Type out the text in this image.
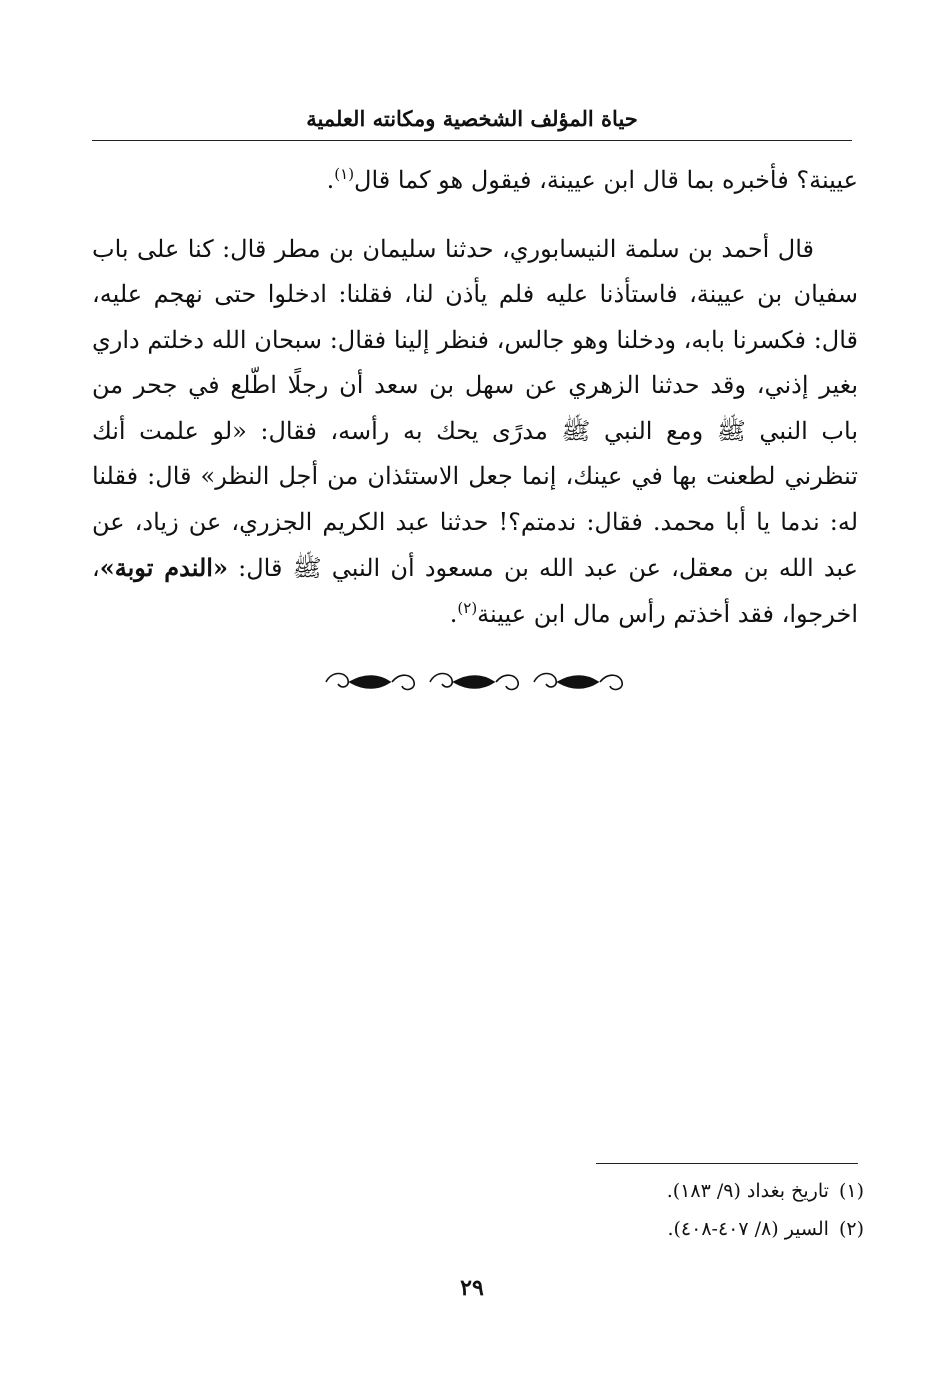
حياة المؤلف الشخصية ومكانته العلمية

عيينة؟ فأخبره بما قال ابن عيينة، فيقول هو كما قال$^{(١)}$.

قال أحمد بن سلمة النيسابوري، حدثنا سليمان بن مطر قال: كنا على باب سفيان بن عيينة، فاستأذنا عليه فلم يأذن لنا، فقلنا: ادخلوا حتى نهجم عليه، قال: فكسرنا بابه، ودخلنا وهو جالس، فنظر إلينا فقال: سبحان الله دخلتم داري بغير إذني، وقد حدثنا الزهري عن سهل بن سعد أن رجلًا اطّلع في جحر من باب النبي ﷺ ومع النبي ﷺ مدرًى يحك به رأسه، فقال: «لو علمت أنك تنظرني لطعنت بها في عينك، إنما جعل الاستئذان من أجل النظر» قال: فقلنا له: ندما يا أبا محمد. فقال: ندمتم؟! حدثنا عبد الكريم الجزري، عن زياد، عن عبد الله بن معقل، عن عبد الله بن مسعود أن النبي ﷺ قال: «الندم توبة»، اخرجوا، فقد أخذتم رأس مال ابن عيينة$^{(٢)}$.

(١)تاريخ بغداد (٩/ ١٨٣).
(٢)السير (٨/ ٤٠٧-٤٠٨).
٢٩
